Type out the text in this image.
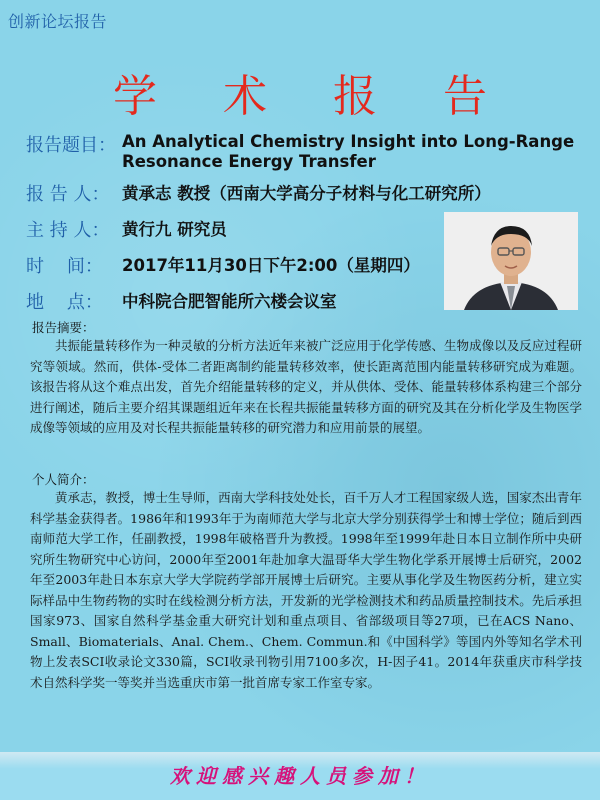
创新论坛报告
学 术 报 告
报告题目： An Analytical Chemistry Insight into Long-Range
Resonance Energy Transfer
报 告 人： 黄承志 教授（西南大学高分子材料与化工研究所）
主 持 人： 黄行九 研究员
时    间： 2017年11月30日下午2:00（星期四）
地    点： 中科院合肥智能所六楼会议室
报告摘要：
共振能量转移作为一种灵敏的分析方法近年来被广泛应用于化学传感、生物成像以及反应过程研究等领域。然而，供体-受体二者距离制约能量转移效率，使长距离范围内能量转移研究成为难题。该报告将从这个难点出发，首先介绍能量转移的定义，并从供体、受体、能量转移体系构建三个部分进行阐述，随后主要介绍其课题组近年来在长程共振能量转移方面的研究及其在分析化学及生物医学成像等领域的应用及对长程共振能量转移的研究潜力和应用前景的展望。
个人简介：
黄承志，教授，博士生导师，西南大学科技处处长，百千万人才工程国家级人选，国家杰出青年科学基金获得者。1986年和1993年于为南师范大学与北京大学分别获得学士和博士学位；随后到西南师范大学工作，任副教授，1998年破格晋升为教授。1998年至1999年赴日本日立制作所中央研究所生物研究中心访问，2000年至2001年赴加拿大温哥华大学生物化学系开展博士后研究，2002年至2003年赴日本东京大学大学院药学部开展博士后研究。主要从事化学及生物医药分析，建立实际样品中生物药物的实时在线检测分析方法，开发新的光学检测技术和药品质量控制技术。先后承担国家973、国家自然科学基金重大研究计划和重点项目、省部级项目等27项，已在ACS Nano、Small、Biomaterials、Anal. Chem.、Chem. Commun.和《中国科学》等国内外等知名学术刊物上发表SCI收录论文330篇，SCI收录刊物引用7100多次，H-因子41。2014年获重庆市科学技术自然科学奖一等奖并当选重庆市第一批首席专家工作室专家。
欢迎感兴趣人员参加！
